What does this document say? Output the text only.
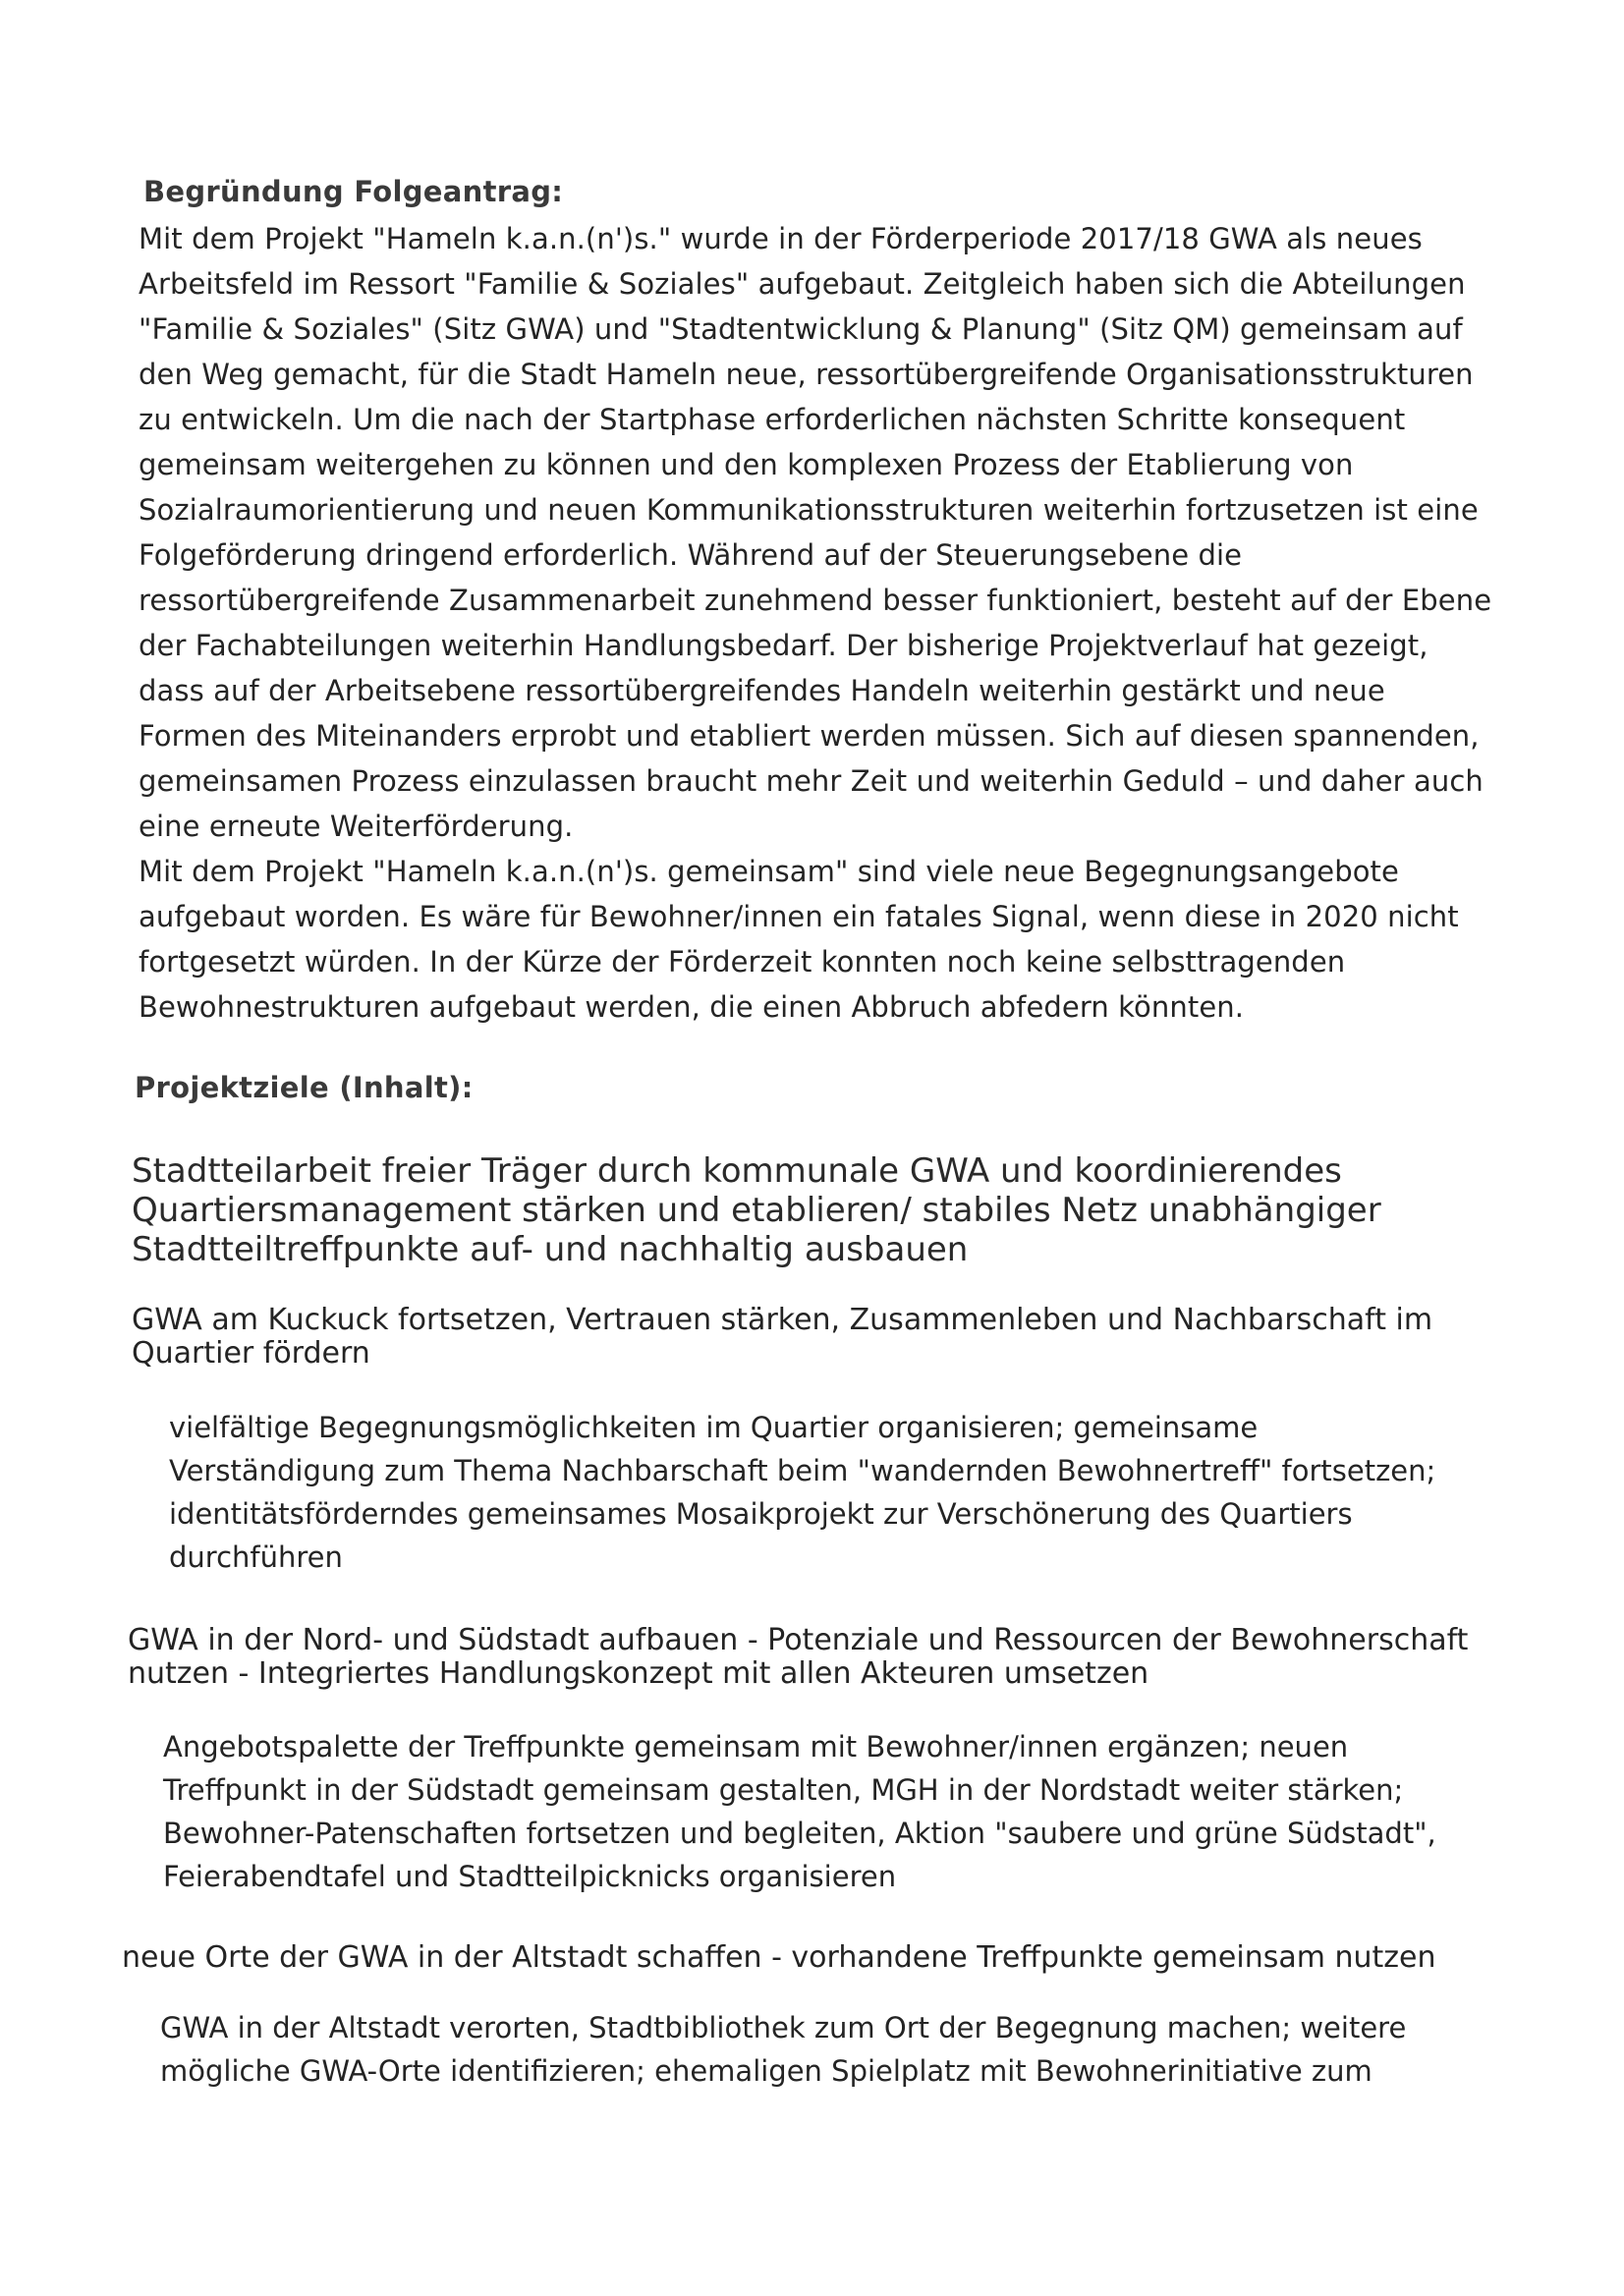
Begründung Folgeantrag:
Mit dem Projekt "Hameln k.a.n.(n')s." wurde in der Förderperiode 2017/18 GWA als neues
Arbeitsfeld im Ressort "Familie & Soziales" aufgebaut. Zeitgleich haben sich die Abteilungen
"Familie & Soziales" (Sitz GWA) und "Stadtentwicklung & Planung" (Sitz QM) gemeinsam auf
den Weg gemacht, für die Stadt Hameln neue, ressortübergreifende Organisationsstrukturen
zu entwickeln. Um die nach der Startphase erforderlichen nächsten Schritte konsequent
gemeinsam weitergehen zu können und den komplexen Prozess der Etablierung von
Sozialraumorientierung und neuen Kommunikationsstrukturen weiterhin fortzusetzen ist eine
Folgeförderung dringend erforderlich. Während auf der Steuerungsebene die
ressortübergreifende Zusammenarbeit zunehmend besser funktioniert, besteht auf der Ebene
der Fachabteilungen weiterhin Handlungsbedarf. Der bisherige Projektverlauf hat gezeigt,
dass auf der Arbeitsebene ressortübergreifendes Handeln weiterhin gestärkt und neue
Formen des Miteinanders erprobt und etabliert werden müssen. Sich auf diesen spannenden,
gemeinsamen Prozess einzulassen braucht mehr Zeit und weiterhin Geduld – und daher auch
eine erneute Weiterförderung.
Mit dem Projekt "Hameln k.a.n.(n')s. gemeinsam" sind viele neue Begegnungsangebote
aufgebaut worden. Es wäre für Bewohner/innen ein fatales Signal, wenn diese in 2020 nicht
fortgesetzt würden. In der Kürze der Förderzeit konnten noch keine selbsttragenden
Bewohnestrukturen aufgebaut werden, die einen Abbruch abfedern könnten.
Projektziele (Inhalt):
Stadtteilarbeit freier Träger durch kommunale GWA und koordinierendes
Quartiersmanagement stärken und etablieren/ stabiles Netz unabhängiger
Stadtteiltreffpunkte auf- und nachhaltig ausbauen
GWA am Kuckuck fortsetzen, Vertrauen stärken, Zusammenleben und Nachbarschaft im
Quartier fördern
vielfältige Begegnungsmöglichkeiten im Quartier organisieren; gemeinsame
Verständigung zum Thema Nachbarschaft beim "wandernden Bewohnertreff" fortsetzen;
identitätsförderndes gemeinsames Mosaikprojekt zur Verschönerung des Quartiers
durchführen
GWA in der Nord- und Südstadt aufbauen - Potenziale und Ressourcen der Bewohnerschaft
nutzen - Integriertes Handlungskonzept mit allen Akteuren umsetzen
Angebotspalette der Treffpunkte gemeinsam mit Bewohner/innen ergänzen; neuen
Treffpunkt in der Südstadt gemeinsam gestalten, MGH in der Nordstadt weiter stärken;
Bewohner-Patenschaften fortsetzen und begleiten, Aktion "saubere und grüne Südstadt",
Feierabendtafel und Stadtteilpicknicks organisieren
neue Orte der GWA in der Altstadt schaffen - vorhandene Treffpunkte gemeinsam nutzen
GWA in der Altstadt verorten, Stadtbibliothek zum Ort der Begegnung machen; weitere
mögliche GWA-Orte identifizieren; ehemaligen Spielplatz mit Bewohnerinitiative zum
